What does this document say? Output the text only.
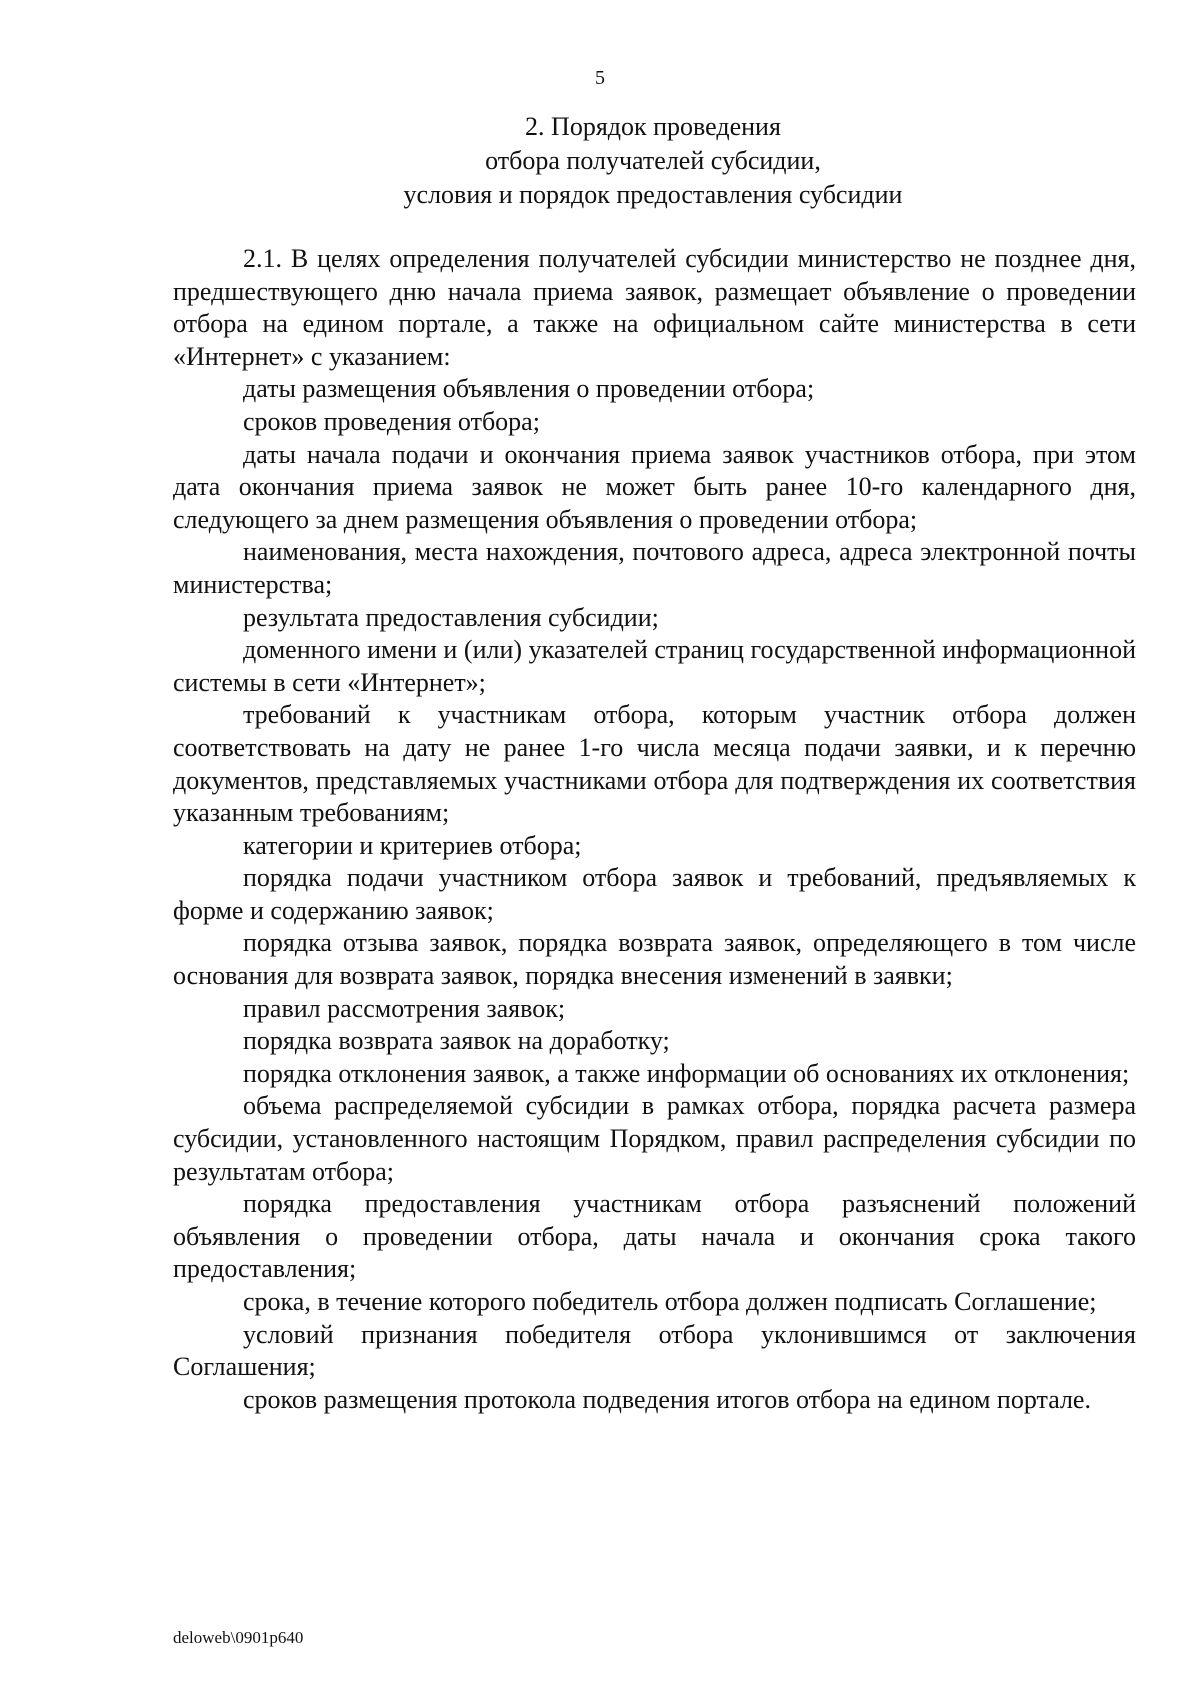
5
2. Порядок проведения
отбора получателей субсидии,
условия и порядок предоставления субсидии

2.1. В целях определения получателей субсидии министерство не позднее дня, предшествующего дню начала приема заявок, размещает объявление о проведении отбора на едином портале, а также на официальном сайте министерства в сети «Интернет» с указанием:

даты размещения объявления о проведении отбора;

сроков проведения отбора;

даты начала подачи и окончания приема заявок участников отбора, при этом дата окончания приема заявок не может быть ранее 10-го календарного дня, следующего за днем размещения объявления о проведении отбора;

наименования, места нахождения, почтового адреса, адреса электронной почты министерства;

результата предоставления субсидии;

доменного имени и (или) указателей страниц государственной информационной системы в сети «Интернет»;

требований к участникам отбора, которым участник отбора должен соответствовать на дату не ранее 1-го числа месяца подачи заявки, и к перечню документов, представляемых участниками отбора для подтверждения их соответствия указанным требованиям;

категории и критериев отбора;

порядка подачи участником отбора заявок и требований, предъявляемых к форме и содержанию заявок;

порядка отзыва заявок, порядка возврата заявок, определяющего в том числе основания для возврата заявок, порядка внесения изменений в заявки;

правил рассмотрения заявок;

порядка возврата заявок на доработку;

порядка отклонения заявок, а также информации об основаниях их отклонения;

объема распределяемой субсидии в рамках отбора, порядка расчета размера субсидии, установленного настоящим Порядком, правил распределения субсидии по результатам отбора;

порядка предоставления участникам отбора разъяснений положений объявления о проведении отбора, даты начала и окончания срока такого предоставления;

срока, в течение которого победитель отбора должен подписать Соглашение;

условий признания победителя отбора уклонившимся от заключения Соглашения;

сроков размещения протокола подведения итогов отбора на едином портале.

deloweb\0901p640
